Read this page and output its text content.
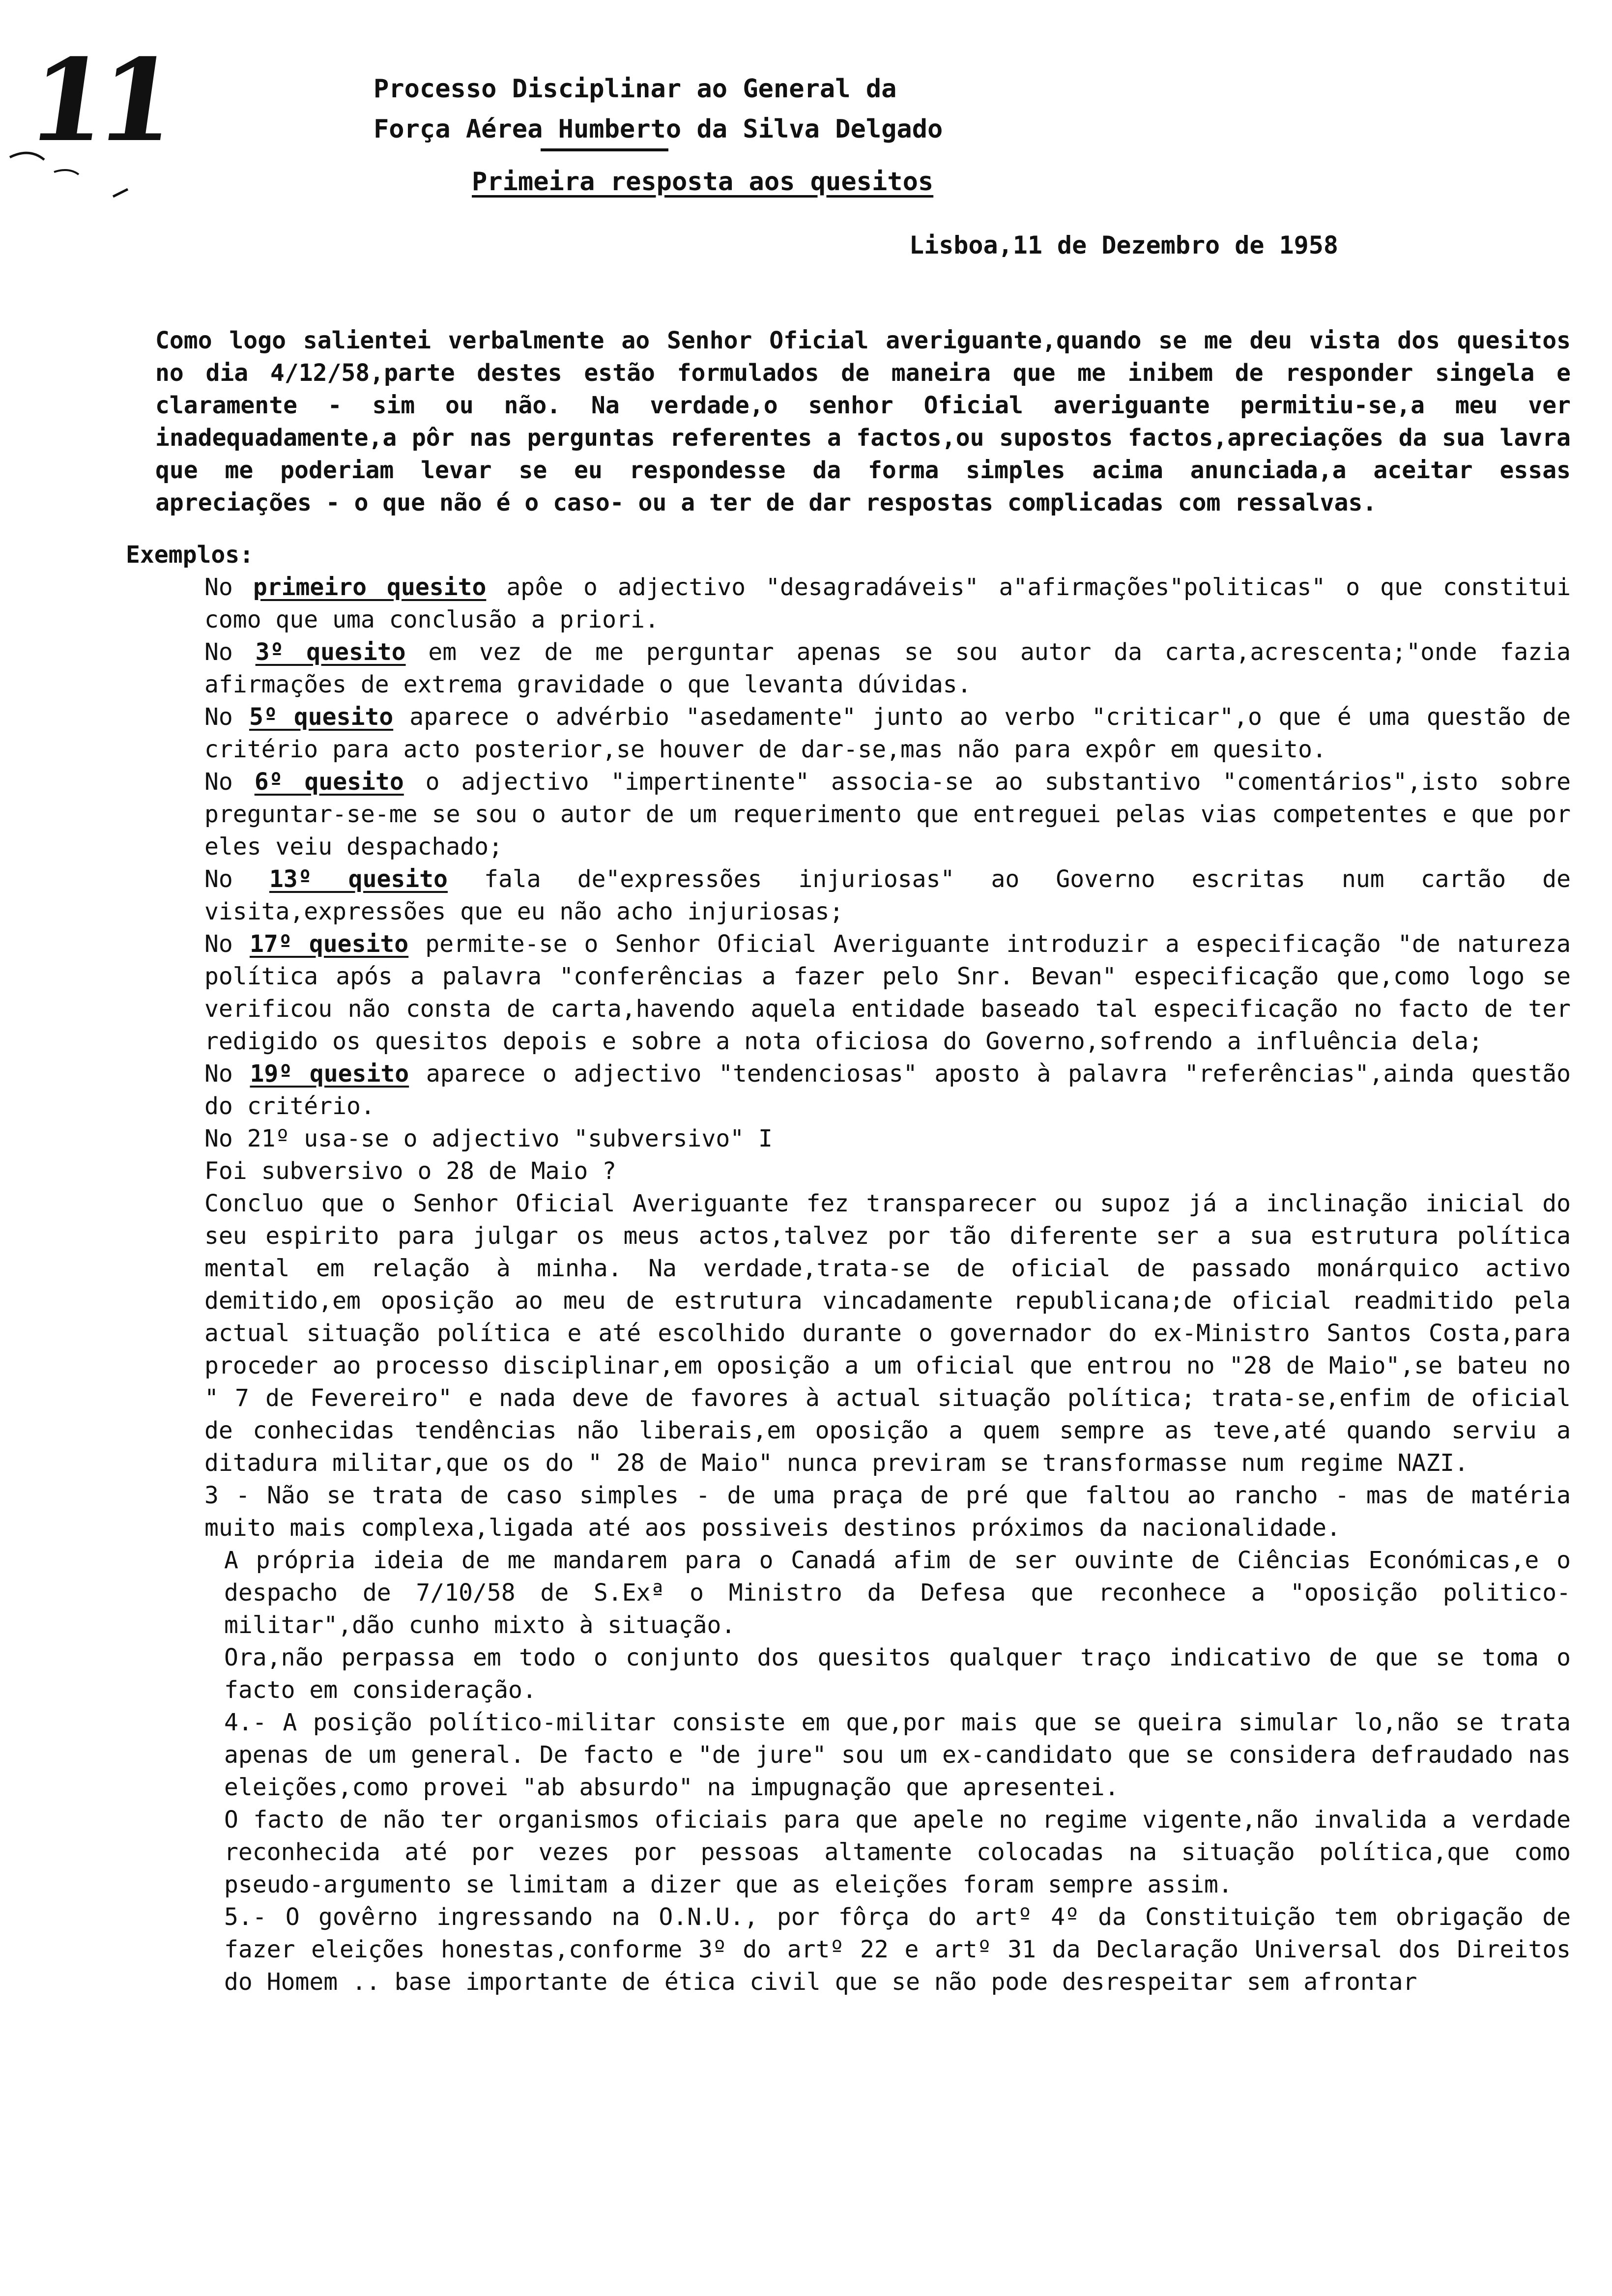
11	Processo Disciplinar ao General da
Força Aérea Humberto da Silva Delgado
Primeira resposta aos quesitos
Lisboa,11 de Dezembro de 1958

Como logo salientei verbalmente ao Senhor Oficial averiguante,quando se me deu vista dos quesitos no dia 4/12/58,parte destes estão formulados de maneira que me inibem de responder singela e claramente - sim ou não. Na verdade,o senhor Oficial averiguante permitiu-se,a meu ver inadequadamente,a pôr nas perguntas referentes a factos,ou supostos factos,apreciações da sua lavra que me poderiam levar se eu respondesse da forma simples acima anunciada,a aceitar essas apreciações - o que não é o caso- ou a ter de dar respostas complicadas com ressalvas.

Exemplos:

No primeiro quesito apôe o adjectivo "desagradáveis" a"afirmações"politicas" o que constitui como que uma conclusão a priori.

No 3º quesito em vez de me perguntar apenas se sou autor da carta,acrescenta;"onde fazia afirmações de extrema gravidade o que levanta dúvidas.

No 5º quesito aparece o advérbio "asedamente" junto ao verbo "criticar",o que é uma questão de critério para acto posterior,se houver de dar-se,mas não para expôr em quesito.

No 6º quesito o adjectivo "impertinente" associa-se ao substantivo "comentários",isto sobre preguntar-se-me se sou o autor de um requerimento que entreguei pelas vias competentes e que por eles veiu despachado;

No 13º quesito fala de"expressões injuriosas" ao Governo escritas num cartão de visita,expressões que eu não acho injuriosas;

No 17º quesito permite-se o Senhor Oficial Averiguante introduzir a especificação "de natureza política após a palavra "conferências a fazer pelo Snr. Bevan" especificação que,como logo se verificou não consta de carta,havendo aquela entidade baseado tal especificação no facto de ter redigido os quesitos depois e sobre a nota oficiosa do Governo,sofrendo a influência dela;

No 19º quesito aparece o adjectivo "tendenciosas" aposto à palavra "referências",ainda questão do critério.

No 21º usa-se o adjectivo "subversivo" I

Foi subversivo o 28 de Maio ?

Concluo que o Senhor Oficial Averiguante fez transparecer ou supoz já a inclinação inicial do seu espirito para julgar os meus actos,talvez por tão diferente ser a sua estrutura política mental em relação à minha. Na verdade,trata-se de oficial de passado monárquico activo demitido,em oposição ao meu de estrutura vincadamente republicana;de oficial readmitido pela actual situação política e até escolhido durante o governador do ex-Ministro Santos Costa,para proceder ao processo disciplinar,em oposição a um oficial que entrou no "28 de Maio",se bateu no " 7 de Fevereiro" e nada deve de favores à actual situação política; trata-se,enfim de oficial de conhecidas tendências não liberais,em oposição a quem sempre as teve,até quando serviu a ditadura militar,que os do " 28 de Maio" nunca previram se transformasse num regime NAZI.

3 - Não se trata de caso simples - de uma praça de pré que faltou ao rancho - mas de matéria muito mais complexa,ligada até aos possiveis destinos próximos da nacionalidade.

A própria ideia de me mandarem para o Canadá afim de ser ouvinte de Ciências Económicas,e o despacho de 7/10/58 de S.Exª o Ministro da Defesa que reconhece a "oposição politico-militar",dão cunho mixto à situação.

Ora,não perpassa em todo o conjunto dos quesitos qualquer traço indicativo de que se toma o facto em consideração.

4.- A posição político-militar consiste em que,por mais que se queira simular lo,não se trata apenas de um general. De facto e "de jure" sou um ex-candidato que se considera defraudado nas eleições,como provei "ab absurdo" na impugnação que apresentei.

O facto de não ter organismos oficiais para que apele no regime vigente,não invalida a verdade reconhecida até por vezes por pessoas altamente colocadas na situação política,que como pseudo-argumento se limitam a dizer que as eleições foram sempre assim.

5.- O govêrno ingressando na O.N.U., por fôrça do artº 4º da Constituição tem obrigação de fazer eleições honestas,conforme 3º do artº 22 e artº 31 da Declaração Universal dos Direitos do Homem .. base importante de ética civil que se não pode desrespeitar sem afrontar
